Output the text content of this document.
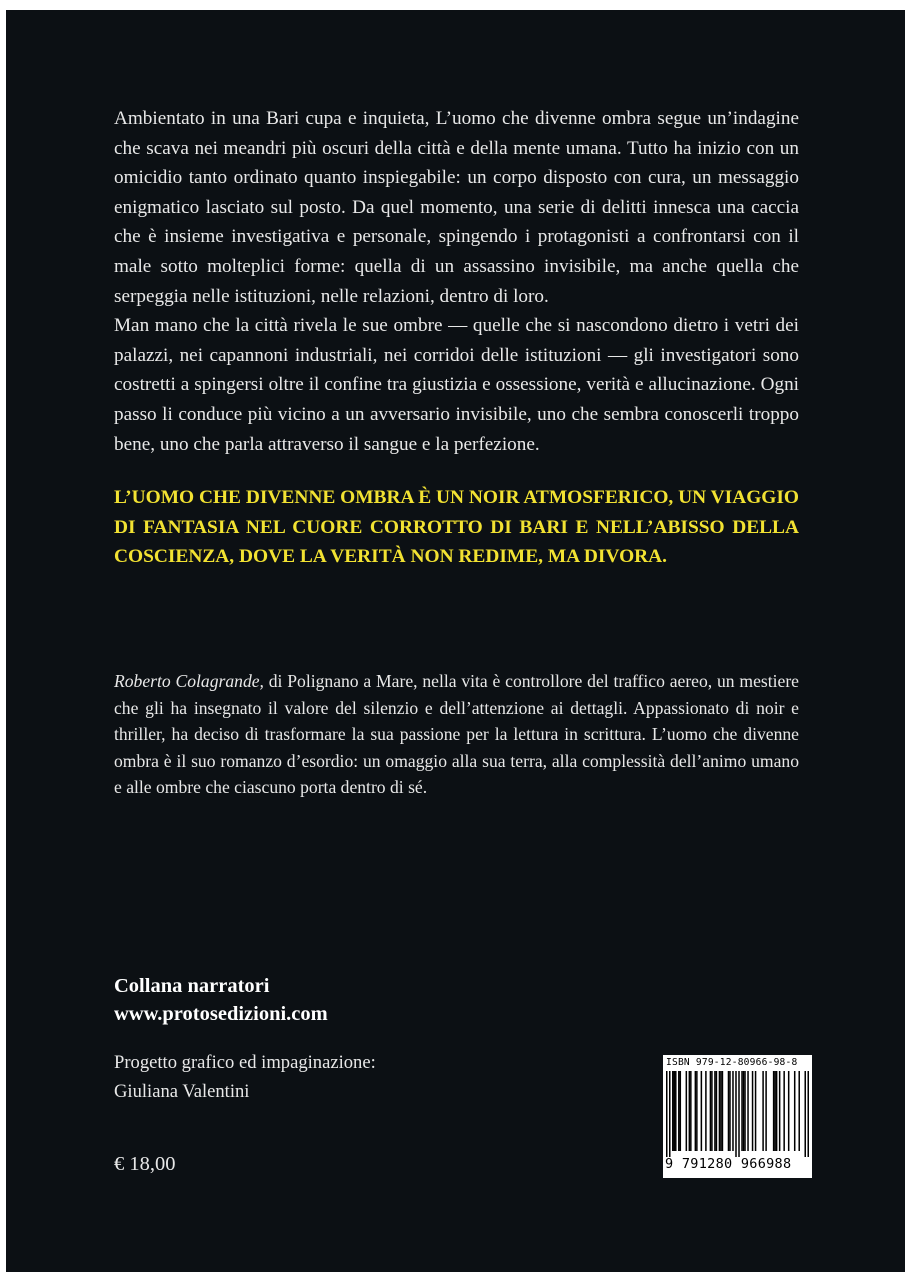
Ambientato in una Bari cupa e inquieta, L’uomo che divenne ombra segue un’indagine che scava nei meandri più oscuri della città e della mente umana. Tutto ha inizio con un omicidio tanto ordinato quanto inspiegabile: un corpo disposto con cura, un messaggio enigmatico lasciato sul posto. Da quel momento, una serie di delitti innesca una caccia che è insieme investigativa e personale, spingendo i protagonisti a confrontarsi con il male sotto molteplici forme: quella di un assassino invisibile, ma anche quella che serpeggia nelle istituzioni, nelle relazioni, dentro di loro.

Man mano che la città rivela le sue ombre — quelle che si nascondono dietro i vetri dei palazzi, nei capannoni industriali, nei corridoi delle istituzioni — gli investigatori sono costretti a spingersi oltre il confine tra giustizia e ossessione, verità e allucinazione. Ogni passo li conduce più vicino a un avversario invisibile, uno che sembra conoscerli troppo bene, uno che parla attraverso il sangue e la perfezione.

L’UOMO CHE DIVENNE OMBRA È UN NOIR ATMOSFERICO, UN VIAGGIO DI FANTASIA NEL CUORE CORROTTO DI BARI E NELL’ABISSO DELLA COSCIENZA, DOVE LA VERITÀ NON REDIME, MA DIVORA.
Roberto Colagrande, di Polignano a Mare, nella vita è controllore del traffico aereo, un mestiere che gli ha insegnato il valore del silenzio e dell’attenzione ai dettagli. Appassionato di noir e thriller, ha deciso di trasformare la sua passione per la lettura in scrittura. L’uomo che divenne ombra è il suo romanzo d’esordio: un omaggio alla sua terra, alla complessità dell’animo umano e alle ombre che ciascuno porta dentro di sé.
Collana narratori
www.protosedizioni.com
Progetto grafico ed impaginazione:
Giuliana Valentini
€ 18,00
ISBN 979-12-80966-98-8
9 791280 966988
